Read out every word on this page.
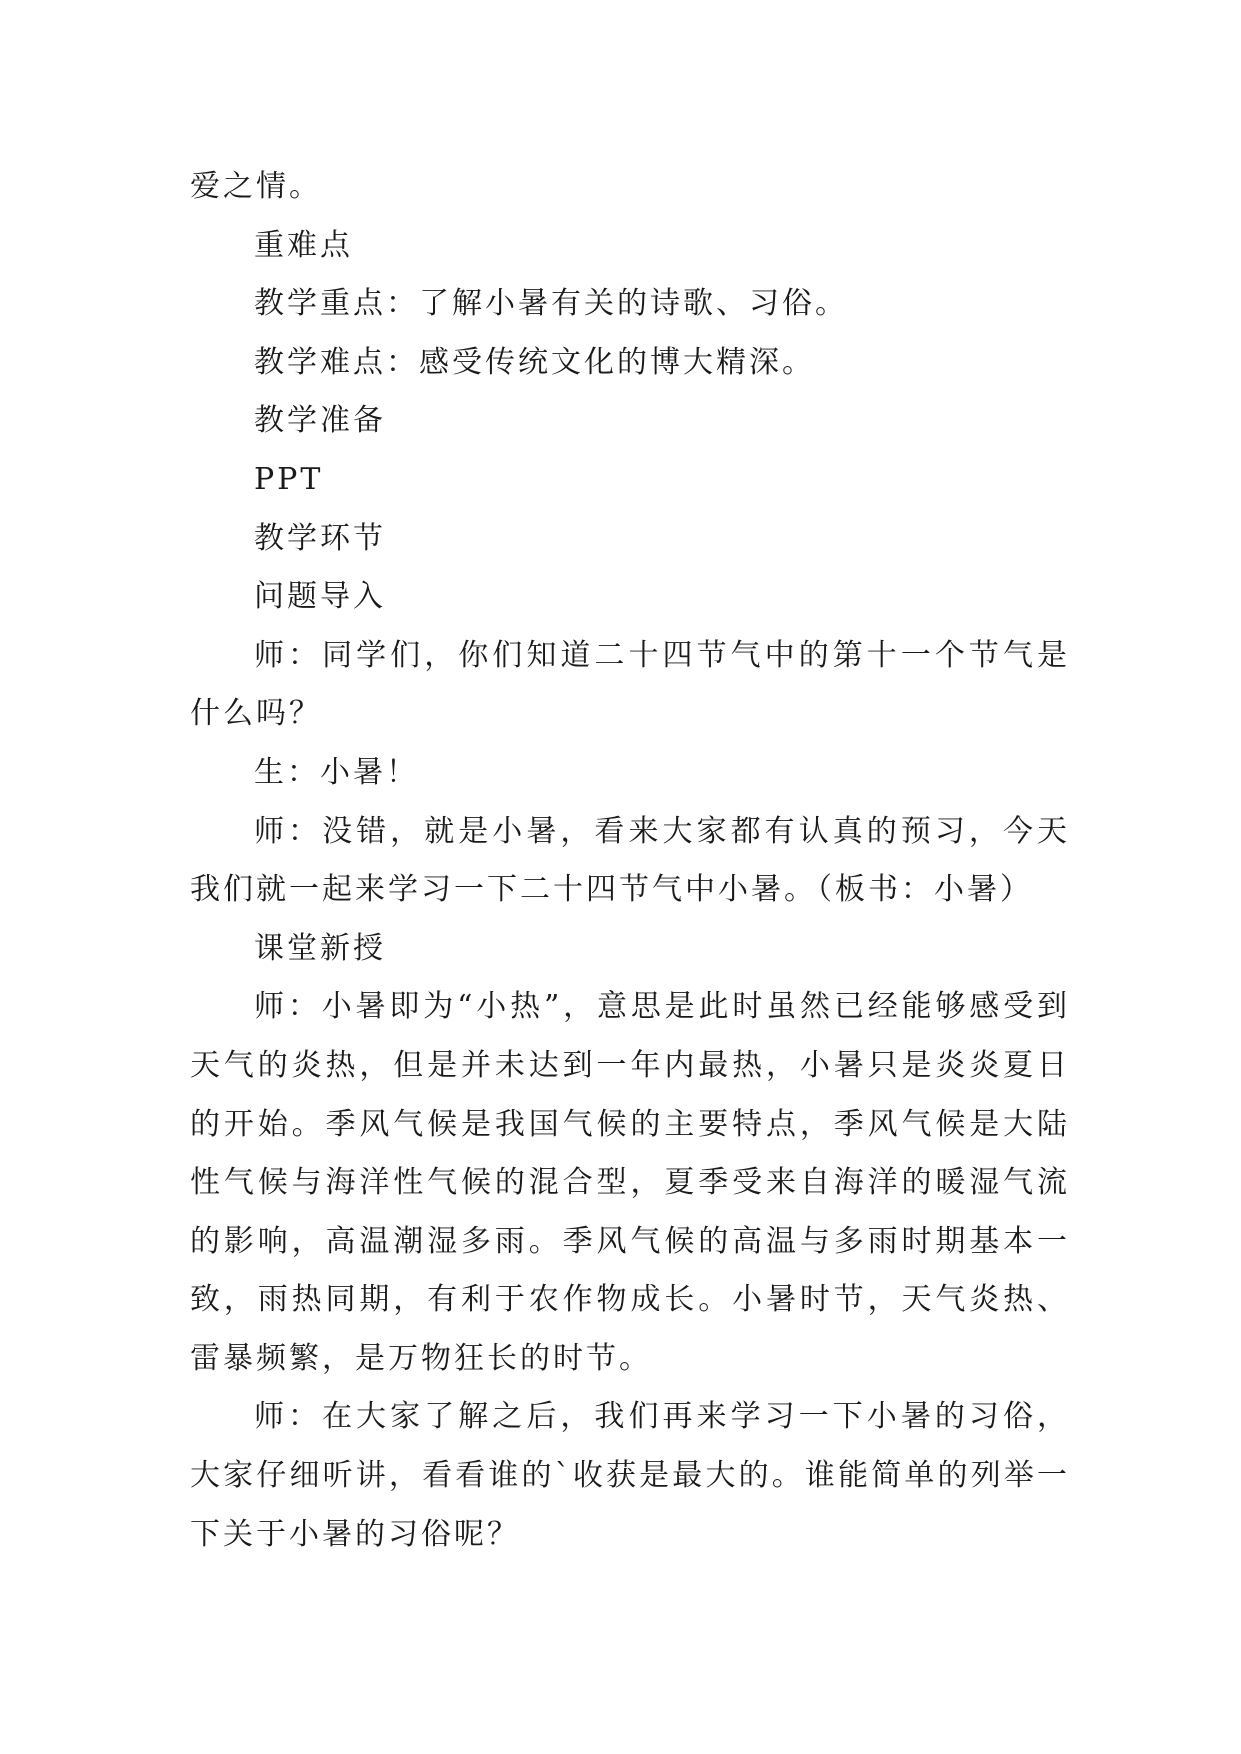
爱之情。

重难点

教学重点：了解小暑有关的诗歌、习俗。

教学难点：感受传统文化的博大精深。

教学准备

PPT

教学环节

问题导入

师：同学们，你们知道二十四节气中的第十一个节气是什么吗？

生：小暑！

师：没错，就是小暑，看来大家都有认真的预习，今天我们就一起来学习一下二十四节气中小暑。（板书：小暑）

课堂新授

师：小暑即为“小热”，意思是此时虽然已经能够感受到天气的炎热，但是并未达到一年内最热，小暑只是炎炎夏日的开始。季风气候是我国气候的主要特点，季风气候是大陆性气候与海洋性气候的混合型，夏季受来自海洋的暖湿气流的影响，高温潮湿多雨。季风气候的高温与多雨时期基本一致，雨热同期，有利于农作物成长。小暑时节，天气炎热、雷暴频繁，是万物狂长的时节。

师：在大家了解之后，我们再来学习一下小暑的习俗，大家仔细听讲，看看谁的`收获是最大的。谁能简单的列举一下关于小暑的习俗呢？
